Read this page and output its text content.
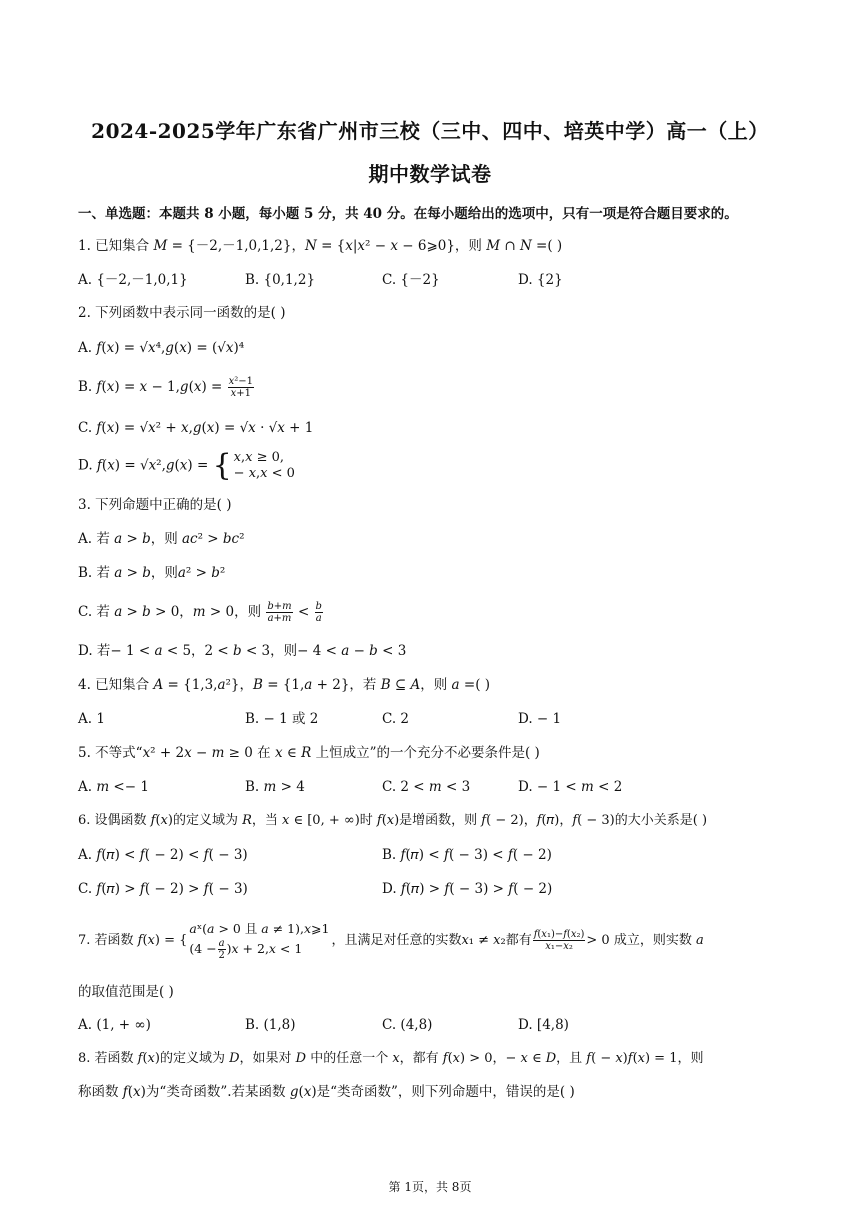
2024-2025学年广东省广州市三校（三中、四中、培英中学）高一（上）
期中数学试卷
一、单选题：本题共 8 小题，每小题 5 分，共 40 分。在每小题给出的选项中，只有一项是符合题目要求的。
1. 已知集合 𝑀 = {－2,－1,0,1,2}，𝑁 = {𝑥|𝑥² − 𝑥 − 6⩾0}，则 𝑀 ∩ 𝑁 =( )
A. {－2,－1,0,1}	B. {0,1,2}	C. {－2}	D. {2}
2. 下列函数中表示同一函数的是( )
A. 𝑓(𝑥) = √𝑥⁴,𝑔(𝑥) = (√𝑥)⁴
B. 𝑓(𝑥) = 𝑥 − 1,𝑔(𝑥) = $\frac{\text{𝑥²−1}}{\text{𝑥+1}}$
C. 𝑓(𝑥) = √𝑥² + 𝑥,𝑔(𝑥) = √𝑥 · √𝑥 + 1
D. 𝑓(𝑥) = √𝑥²,𝑔(𝑥) = { 𝑥,𝑥 ≥ 0,
− 𝑥,𝑥 < 0
3. 下列命题中正确的是( )
A. 若 𝑎 > 𝑏，则 𝑎𝑐² > 𝑏𝑐²
B. 若 𝑎 > 𝑏，则𝑎² > 𝑏²
C. 若 𝑎 > 𝑏 > 0，𝑚 > 0，则 $\frac{\text{𝑏+𝑚}}{\text{𝑎+𝑚}} < \frac{\text{𝑏}}{\text{𝑎}}$
D. 若− 1 < 𝑎 < 5，2 < 𝑏 < 3，则− 4 < 𝑎 − 𝑏 < 3
4. 已知集合 𝐴 = {1,3,𝑎²}，𝐵 = {1,𝑎 + 2}，若 𝐵 ⊆ 𝐴，则 𝑎 =( )
A. 1	B. − 1 或 2	C. 2	D. − 1
5. 不等式“𝑥² + 2𝑥 − 𝑚 ≥ 0 在 𝑥 ∈ 𝑅 上恒成立”的一个充分不必要条件是( )
A. 𝑚 <− 1	B. 𝑚 > 4	C. 2 < 𝑚 < 3	D. − 1 < 𝑚 < 2
6. 设偶函数 𝑓(𝑥)的定义域为 𝑅，当 𝑥 ∈ [0, + ∞)时 𝑓(𝑥)是增函数，则 𝑓( − 2)，𝑓(𝜋)，𝑓( − 3)的大小关系是( )
A. 𝑓(𝜋) < 𝑓( − 2) < 𝑓( − 3)	B. 𝑓(𝜋) < 𝑓( − 3) < 𝑓( − 2)
C. 𝑓(𝜋) > 𝑓( − 2) > 𝑓( − 3)	D. 𝑓(𝜋) > 𝑓( − 3) > 𝑓( − 2)
7. 若函数 𝑓(𝑥) = {
𝑎ˣ(𝑎 > 0 且 𝑎 ≠ 1),𝑥⩾1
($4 - \frac{\text{𝑎}}{2}$ )𝑥 + 2,𝑥 < 1
，且满足对任意的实数𝑥₁ ≠ 𝑥₂都有 $\frac{\text{𝑓(𝑥₁)−𝑓(𝑥₂)}}{\text{𝑥₁−𝑥₂}} > 0$ 成立，则实数 𝑎
的取值范围是( )
A. (1, + ∞)	B. (1,8)	C. (4,8)	D. [4,8)
8. 若函数 𝑓(𝑥)的定义域为 𝐷，如果对 𝐷 中的任意一个 𝑥，都有 𝑓(𝑥) > 0，− 𝑥 ∈ 𝐷，且 𝑓( − 𝑥)𝑓(𝑥) = 1，则
称函数 𝑓(𝑥)为“类奇函数”.若某函数 𝑔(𝑥)是“类奇函数”，则下列命题中，错误的是( )
第 1页，共 8页
